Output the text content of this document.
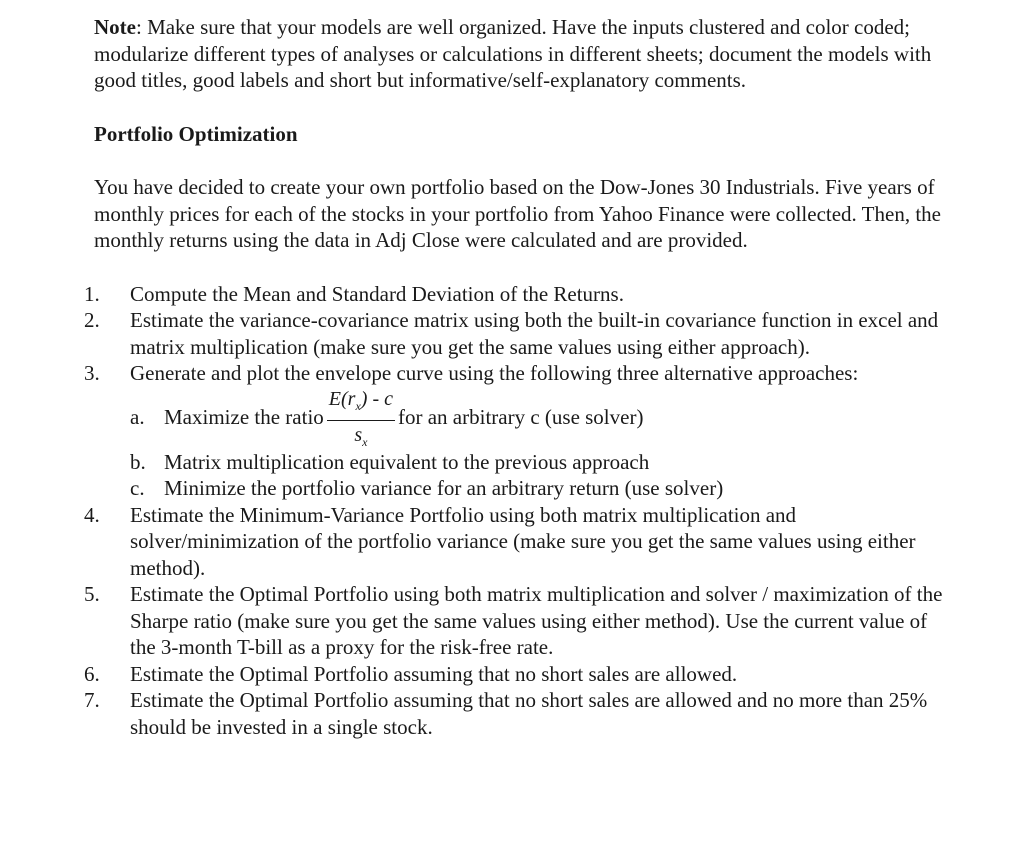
Note: Make sure that your models are well organized. Have the inputs clustered and color coded; modularize different types of analyses or calculations in different sheets; document the models with good titles, good labels and short but informative/self-explanatory comments.

Portfolio Optimization

You have decided to create your own portfolio based on the Dow-Jones 30 Industrials. Five years of monthly prices for each of the stocks in your portfolio from Yahoo Finance were collected. Then, the monthly returns using the data in Adj Close were calculated and are provided.

1.	Compute the Mean and Standard Deviation of the Returns.
2.	Estimate the variance-covariance matrix using both the built-in covariance function in excel and matrix multiplication (make sure you get the same values using either approach).
3.	Generate and plot the envelope curve using the following three alternative approaches:
a. Maximize the ratio $\frac{E(r_x) - c}{s_x}$ for an arbitrary c (use solver)
b. Matrix multiplication equivalent to the previous approach
c. Minimize the portfolio variance for an arbitrary return (use solver)
4.	Estimate the Minimum-Variance Portfolio using both matrix multiplication and solver/minimization of the portfolio variance (make sure you get the same values using either method).
5.	Estimate the Optimal Portfolio using both matrix multiplication and solver / maximization of the Sharpe ratio (make sure you get the same values using either method). Use the current value of the 3-month T-bill as a proxy for the risk-free rate.
6.	Estimate the Optimal Portfolio assuming that no short sales are allowed.
7.	Estimate the Optimal Portfolio assuming that no short sales are allowed and no more than 25% should be invested in a single stock.
